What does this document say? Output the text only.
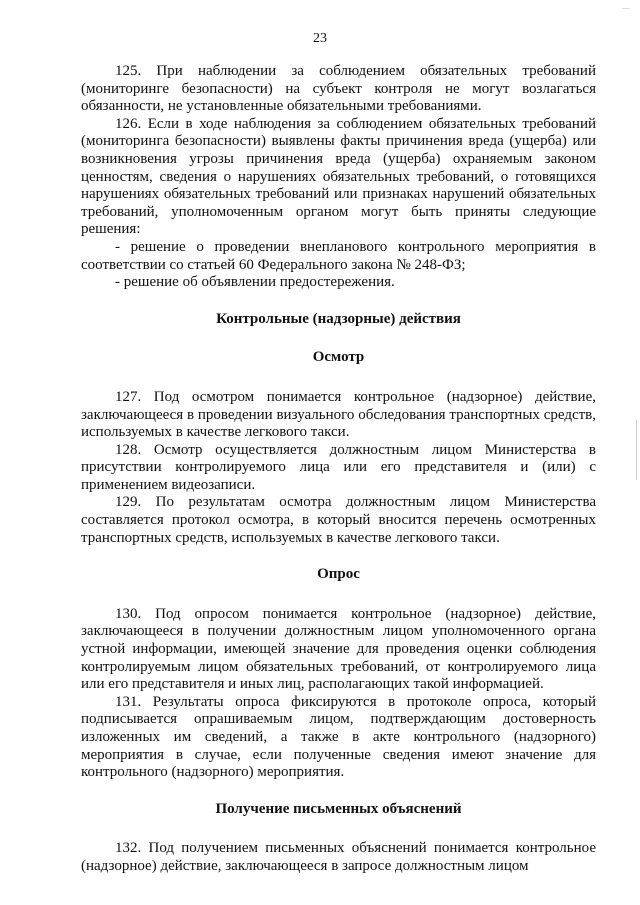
23

125. При наблюдении за соблюдением обязательных требований (мониторинге безопасности) на субъект контроля не могут возлагаться обязанности, не установленные обязательными требованиями.

126. Если в ходе наблюдения за соблюдением обязательных требований (мониторинга безопасности) выявлены факты причинения вреда (ущерба) или возникновения угрозы причинения вреда (ущерба) охраняемым законом ценностям, сведения о нарушениях обязательных требований, о готовящихся нарушениях обязательных требований или признаках нарушений обязательных требований, уполномоченным органом могут быть приняты следующие решения:

- решение о проведении внепланового контрольного мероприятия в соответствии со статьей 60 Федерального закона № 248-ФЗ;

- решение об объявлении предостережения.

Контрольные (надзорные) действия
Осмотр

127. Под осмотром понимается контрольное (надзорное) действие, заключающееся в проведении визуального обследования транспортных средств, используемых в качестве легкового такси.

128. Осмотр осуществляется должностным лицом Министерства в присутствии контролируемого лица или его представителя и (или) с применением видеозаписи.

129. По результатам осмотра должностным лицом Министерства составляется протокол осмотра, в который вносится перечень осмотренных транспортных средств, используемых в качестве легкового такси.

Опрос

130. Под опросом понимается контрольное (надзорное) действие, заключающееся в получении должностным лицом уполномоченного органа устной информации, имеющей значение для проведения оценки соблюдения контролируемым лицом обязательных требований, от контролируемого лица или его представителя и иных лиц, располагающих такой информацией.

131. Результаты опроса фиксируются в протоколе опроса, который подписывается опрашиваемым лицом, подтверждающим достоверность изложенных им сведений, а также в акте контрольного (надзорного) мероприятия в случае, если полученные сведения имеют значение для контрольного (надзорного) мероприятия.

Получение письменных объяснений

132. Под получением письменных объяснений понимается контрольное (надзорное) действие, заключающееся в запросе должностным лицом
